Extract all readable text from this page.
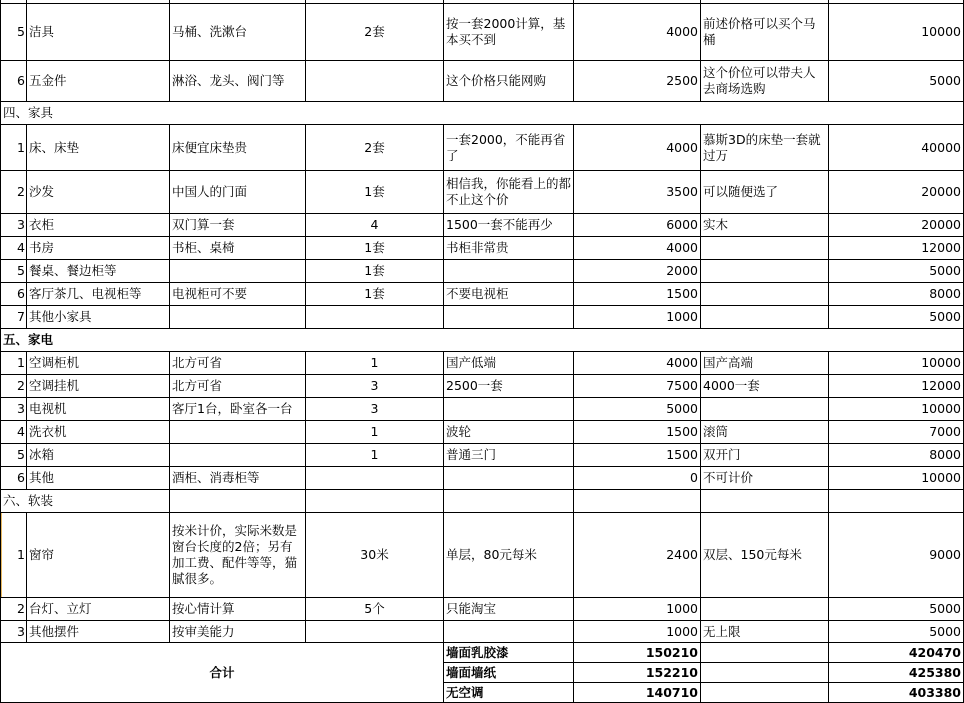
5	洁具	马桶、洗漱台	2套	按一套2000计算，基本买不到	4000	前述价格可以买个马桶	10000
6	五金件	淋浴、龙头、阀门等		这个价格只能网购	2500	这个价位可以带夫人去商场选购	5000
四、家具							
1	床、床垫	床便宜床垫贵	2套	一套2000，不能再省了	4000	慕斯3D的床垫一套就过万	40000
2	沙发	中国人的门面	1套	相信我，你能看上的都不止这个价	3500	可以随便选了	20000
3	衣柜	双门算一套	4	1500一套不能再少	6000	实木	20000
4	书房	书柜、桌椅	1套	书柜非常贵	4000		12000
5	餐桌、餐边柜等		1套		2000		5000
6	客厅茶几、电视柜等	电视柜可不要	1套	不要电视柜	1500		8000
7	其他小家具				1000		5000
五、家电							
1	空调柜机	北方可省	1	国产低端	4000	国产高端	10000
2	空调挂机	北方可省	3	2500一套	7500	4000一套	12000
3	电视机	客厅1台，卧室各一台	3		5000		10000
4	洗衣机		1	波轮	1500	滚筒	7000
5	冰箱		1	普通三门	1500	双开门	8000
6	其他	酒柜、消毒柜等			0	不可计价	10000
六、软装							
1	窗帘	按米计价，实际米数是窗台长度的2倍；另有加工费、配件等等，猫腻很多。	30米	单层，80元每米	2400	双层、150元每米	9000
2	台灯、立灯	按心情计算	5个	只能淘宝	1000		5000
3	其他摆件	按审美能力			1000	无上限	5000
合计				墙面乳胶漆	150210		420470
				墙面墙纸	152210		425380
				无空调	140710		403380
